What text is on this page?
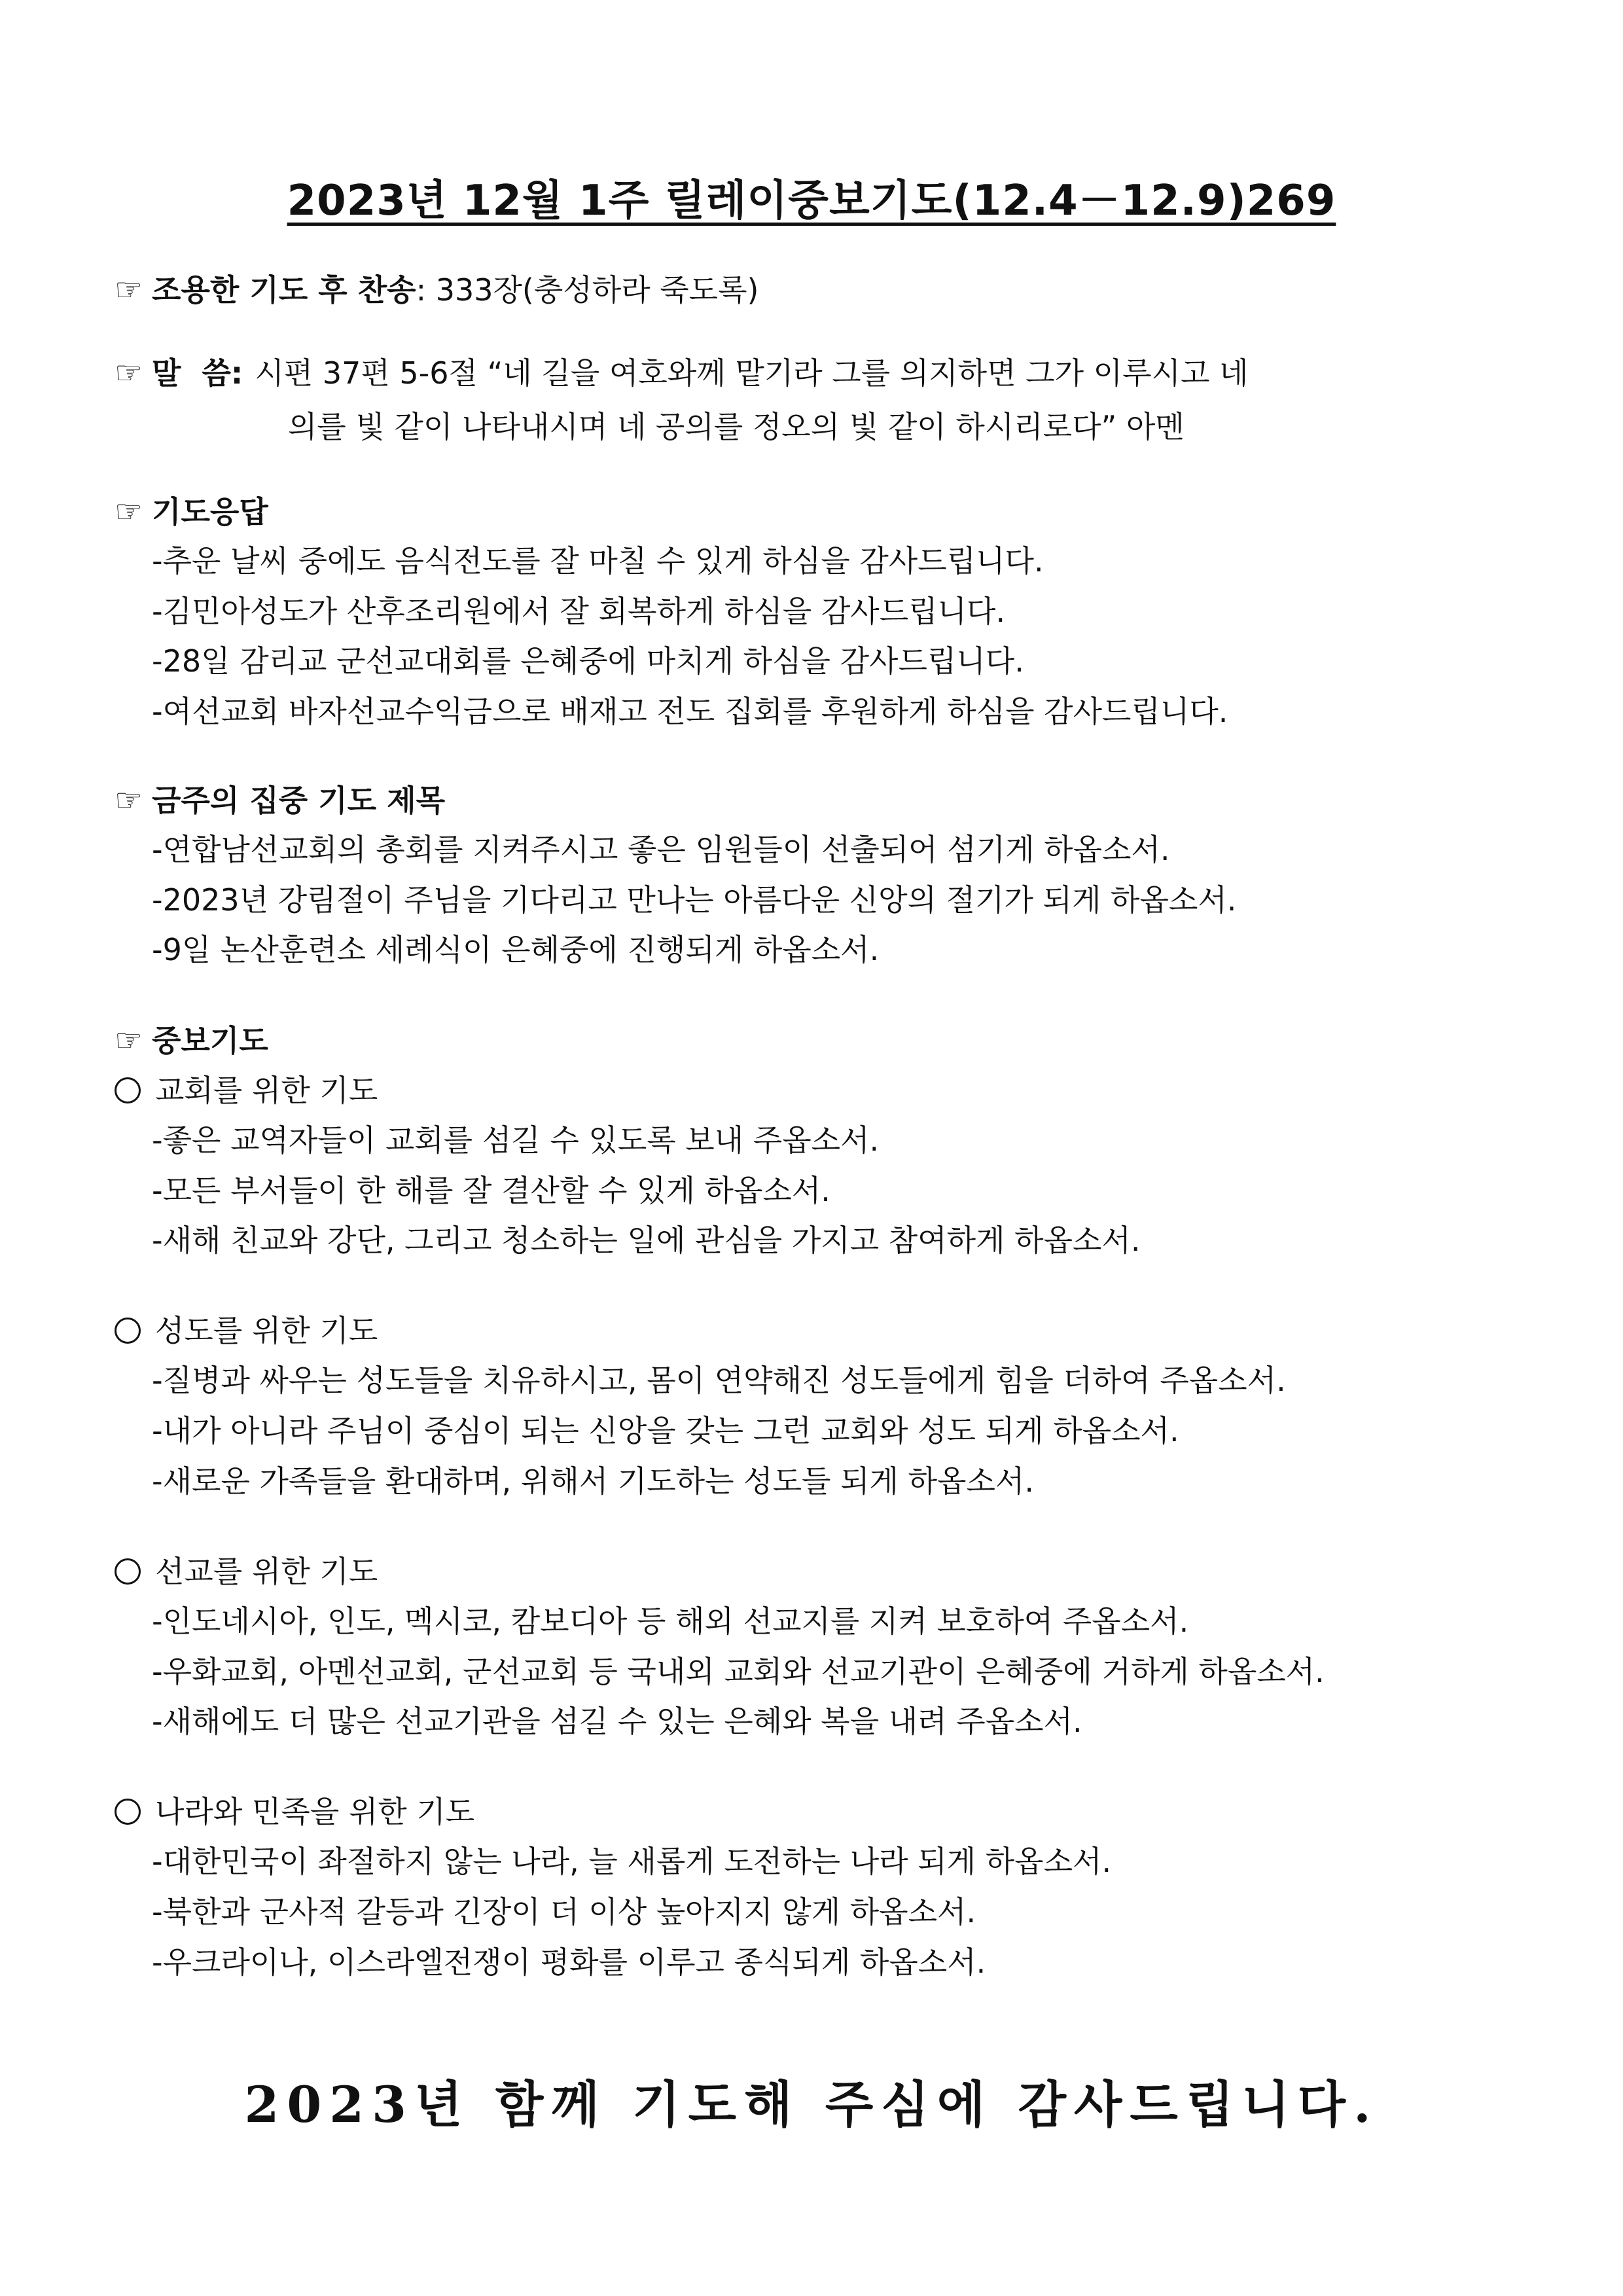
2023년 12월 1주 릴레이중보기도(12.4－12.9)269
☞ 조용한 기도 후 찬송: 333장(충성하라 죽도록)
☞ 말  씀: 시편 37편 5-6절 “네 길을 여호와께 맡기라 그를 의지하면 그가 이루시고 네
의를 빛 같이 나타내시며 네 공의를 정오의 빛 같이 하시리로다” 아멘
☞ 기도응답
-추운 날씨 중에도 음식전도를 잘 마칠 수 있게 하심을 감사드립니다.
-김민아성도가 산후조리원에서 잘 회복하게 하심을 감사드립니다.
-28일 감리교 군선교대회를 은혜중에 마치게 하심을 감사드립니다.
-여선교회 바자선교수익금으로 배재고 전도 집회를 후원하게 하심을 감사드립니다.
☞ 금주의 집중 기도 제목
-연합남선교회의 총회를 지켜주시고 좋은 임원들이 선출되어 섬기게 하옵소서.
-2023년 강림절이 주님을 기다리고 만나는 아름다운 신앙의 절기가 되게 하옵소서.
-9일 논산훈련소 세례식이 은혜중에 진행되게 하옵소서.
☞ 중보기도
교회를 위한 기도
-좋은 교역자들이 교회를 섬길 수 있도록 보내 주옵소서.
-모든 부서들이 한 해를 잘 결산할 수 있게 하옵소서.
-새해 친교와 강단, 그리고 청소하는 일에 관심을 가지고 참여하게 하옵소서.
성도를 위한 기도
-질병과 싸우는 성도들을 치유하시고, 몸이 연약해진 성도들에게 힘을 더하여 주옵소서.
-내가 아니라 주님이 중심이 되는 신앙을 갖는 그런 교회와 성도 되게 하옵소서.
-새로운 가족들을 환대하며, 위해서 기도하는 성도들 되게 하옵소서.
선교를 위한 기도
-인도네시아, 인도, 멕시코, 캄보디아 등 해외 선교지를 지켜 보호하여 주옵소서.
-우화교회, 아멘선교회, 군선교회 등 국내외 교회와 선교기관이 은혜중에 거하게 하옵소서.
-새해에도 더 많은 선교기관을 섬길 수 있는 은혜와 복을 내려 주옵소서.
나라와 민족을 위한 기도
-대한민국이 좌절하지 않는 나라, 늘 새롭게 도전하는 나라 되게 하옵소서.
-북한과 군사적 갈등과 긴장이 더 이상 높아지지 않게 하옵소서.
-우크라이나, 이스라엘전쟁이 평화를 이루고 종식되게 하옵소서.
2023년 함께 기도해 주심에 감사드립니다.
